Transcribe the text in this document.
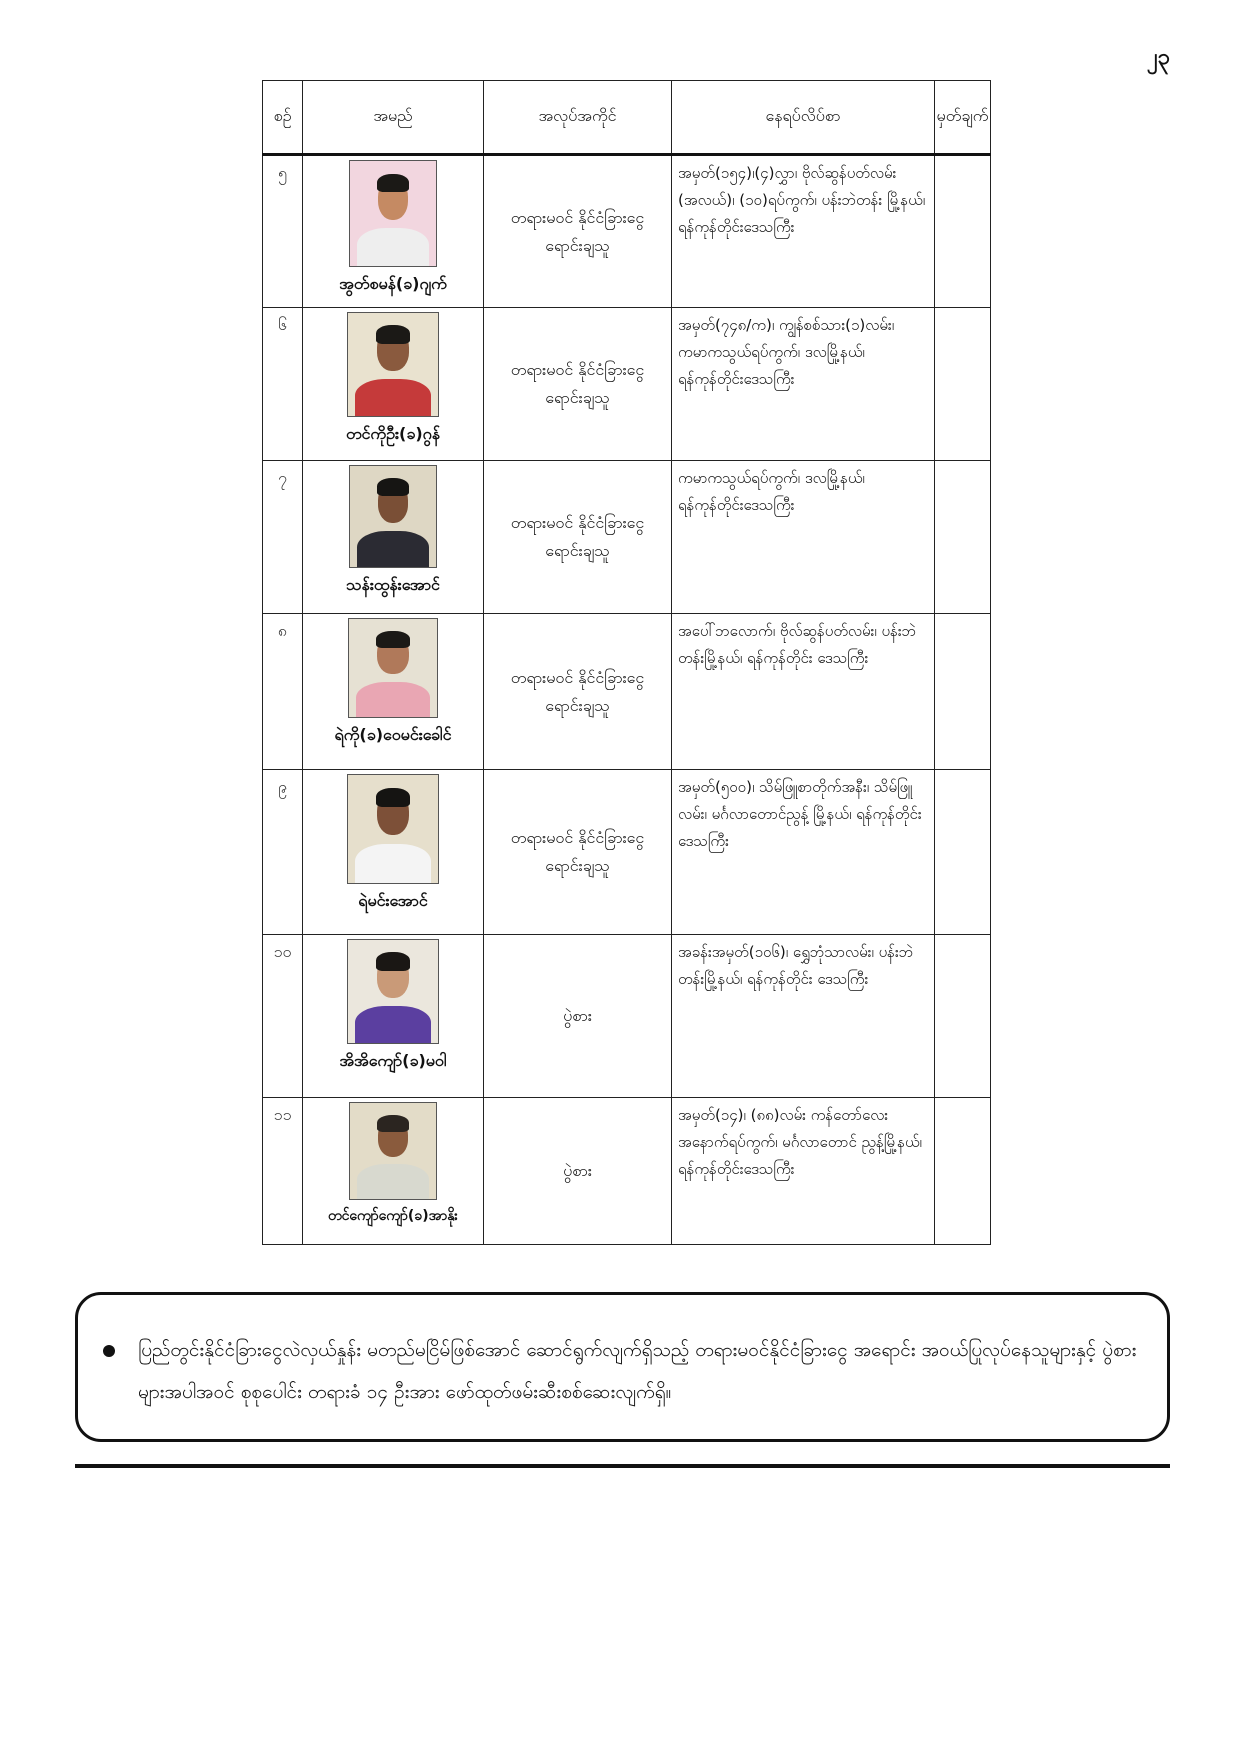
၂၃
စဉ်	အမည်	အလုပ်အကိုင်	နေရပ်လိပ်စာ	မှတ်ချက်
၅	အွတ်စမန်(ခ)ဂျက်	တရားမဝင် နိုင်ငံခြားငွေ ရောင်းချသူ	အမှတ်(၁၅၄)၊(၄)လွှာ၊ ဗိုလ်ဆွန်ပတ်လမ်း (အလယ်)၊ (၁၀)ရပ်ကွက်၊ ပန်းဘဲတန်း မြို့နယ်၊ ရန်ကုန်တိုင်းဒေသကြီး	
၆	တင်ကိုဦး(ခ)ဂွန်	တရားမဝင် နိုင်ငံခြားငွေ ရောင်းချသူ	အမှတ်(၇၄၈/က)၊ ကျွန်စစ်သား(၁)လမ်း၊ ကမာကသွယ်ရပ်ကွက်၊ ဒလမြို့နယ်၊ ရန်ကုန်တိုင်းဒေသကြီး	
၇	သန်းထွန်းအောင်	တရားမဝင် နိုင်ငံခြားငွေ ရောင်းချသူ	ကမာကသွယ်ရပ်ကွက်၊ ဒလမြို့နယ်၊ ရန်ကုန်တိုင်းဒေသကြီး	
၈	ရဲကို(ခ)ဝေမင်းခေါင်	တရားမဝင် နိုင်ငံခြားငွေ ရောင်းချသူ	အပေါ်ဘလောက်၊ ဗိုလ်ဆွန်ပတ်လမ်း၊ ပန်းဘဲတန်းမြို့နယ်၊ ရန်ကုန်တိုင်း ဒေသကြီး	
၉	ရဲမင်းအောင်	တရားမဝင် နိုင်ငံခြားငွေ ရောင်းချသူ	အမှတ်(၅၀၀)၊ သိမ်ဖြူစာတိုက်အနီး၊ သိမ်ဖြူလမ်း၊ မင်္ဂလာတောင်ညွန့် မြို့နယ်၊ ရန်ကုန်တိုင်းဒေသကြီး	
၁၀	အိအိကျော်(ခ)မဝါ	ပွဲစား	အခန်းအမှတ်(၁၀၆)၊ ရွှေဘုံသာလမ်း၊ ပန်းဘဲတန်းမြို့နယ်၊ ရန်ကုန်တိုင်း ဒေသကြီး	
၁၁	တင်ကျော်ကျော်(ခ)အာနိုး	ပွဲစား	အမှတ်(၁၄)၊ (၈၈)လမ်း ကန်တော်လေး အနောက်ရပ်ကွက်၊ မင်္ဂလာတောင် ညွန့်မြို့နယ်၊ရန်ကုန်တိုင်းဒေသကြီး	

ပြည်တွင်းနိုင်ငံခြားငွေလဲလှယ်နှုန်း မတည်မငြိမ်ဖြစ်အောင် ဆောင်ရွက်လျက်ရှိသည့် တရားမဝင်နိုင်ငံခြားငွေ အရောင်း အဝယ်ပြုလုပ်နေသူများနှင့် ပွဲစားများအပါအဝင် စုစုပေါင်း တရားခံ ၁၄ ဦးအား ဖော်ထုတ်ဖမ်းဆီးစစ်ဆေးလျက်ရှိ။
